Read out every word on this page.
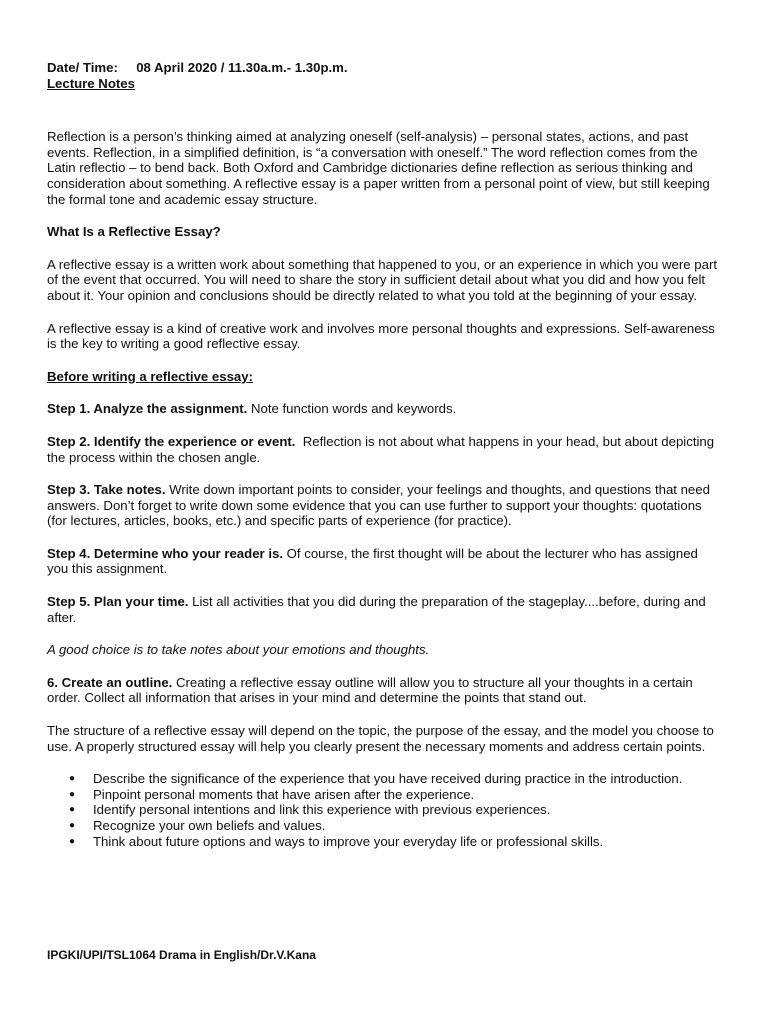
Date/ Time: 08 April 2020 / 11.30a.m.- 1.30p.m.

Lecture Notes

Reflection is a person’s thinking aimed at analyzing oneself (self-analysis) – personal states, actions, and past events. Reflection, in a simplified definition, is “a conversation with oneself.” The word reflection comes from the Latin reflectio – to bend back. Both Oxford and Cambridge dictionaries define reflection as serious thinking and consideration about something. A reflective essay is a paper written from a personal point of view, but still keeping the formal tone and academic essay structure.

What Is a Reflective Essay?

A reflective essay is a written work about something that happened to you, or an experience in which you were part of the event that occurred. You will need to share the story in sufficient detail about what you did and how you felt about it. Your opinion and conclusions should be directly related to what you told at the beginning of your essay.

A reflective essay is a kind of creative work and involves more personal thoughts and expressions. Self-awareness is the key to writing a good reflective essay.

Before writing a reflective essay:

Step 1. Analyze the assignment. Note function words and keywords.

Step 2. Identify the experience or event. Reflection is not about what happens in your head, but about depicting the process within the chosen angle.

Step 3. Take notes. Write down important points to consider, your feelings and thoughts, and questions that need answers. Don’t forget to write down some evidence that you can use further to support your thoughts: quotations (for lectures, articles, books, etc.) and specific parts of experience (for practice).

Step 4. Determine who your reader is. Of course, the first thought will be about the lecturer who has assigned you this assignment.

Step 5. Plan your time. List all activities that you did during the preparation of the stageplay....before, during and after.

A good choice is to take notes about your emotions and thoughts.

6. Create an outline. Creating a reflective essay outline will allow you to structure all your thoughts in a certain order. Collect all information that arises in your mind and determine the points that stand out.

The structure of a reflective essay will depend on the topic, the purpose of the essay, and the model you choose to use. A properly structured essay will help you clearly present the necessary moments and address certain points.

● Describe the significance of the experience that you have received during practice in the introduction.
● Pinpoint personal moments that have arisen after the experience.
● Identify personal intentions and link this experience with previous experiences.
● Recognize your own beliefs and values.
● Think about future options and ways to improve your everyday life or professional skills.
IPGKI/UPI/TSL1064 Drama in English/Dr.V.Kana
